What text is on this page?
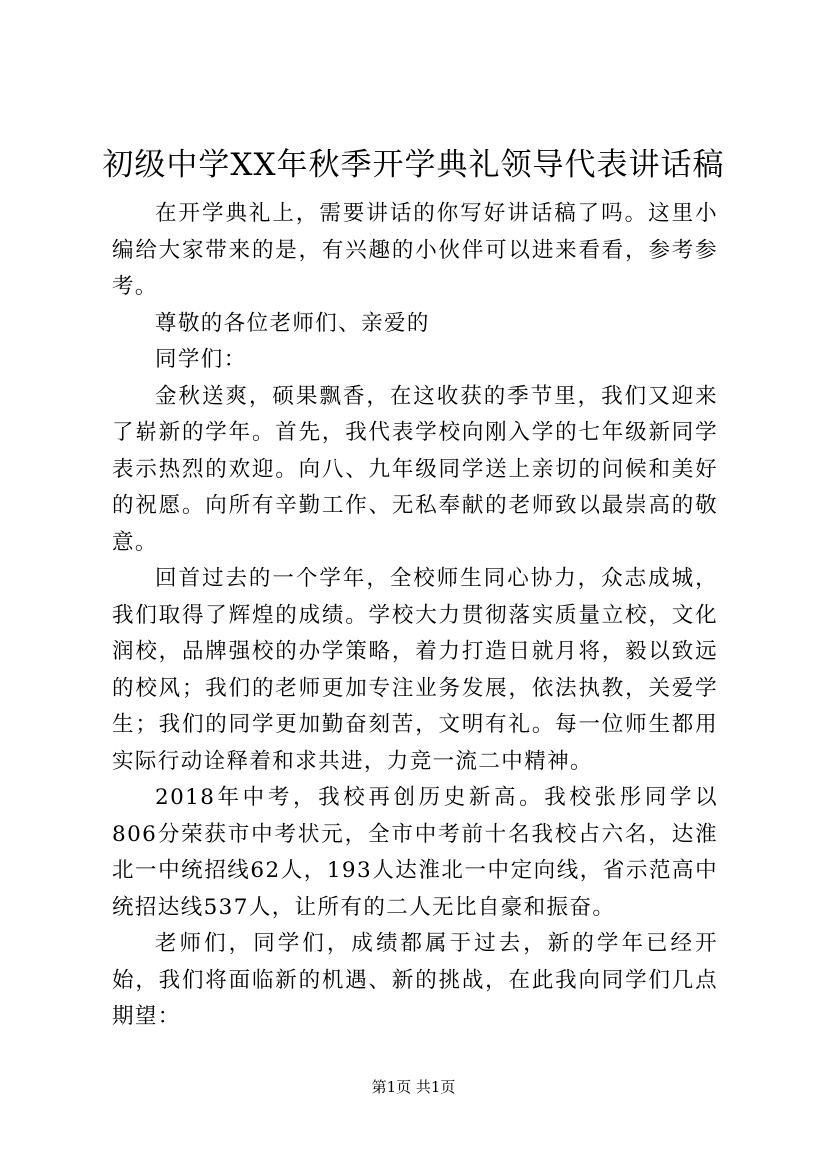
初级中学XX年秋季开学典礼领导代表讲话稿

在开学典礼上，需要讲话的你写好讲话稿了吗。这里小编给大家带来的是，有兴趣的小伙伴可以进来看看，参考参考。

尊敬的各位老师们、亲爱的

同学们：

金秋送爽，硕果飘香，在这收获的季节里，我们又迎来了崭新的学年。首先，我代表学校向刚入学的七年级新同学表示热烈的欢迎。向八、九年级同学送上亲切的问候和美好的祝愿。向所有辛勤工作、无私奉献的老师致以最崇高的敬意。

回首过去的一个学年，全校师生同心协力，众志成城，我们取得了辉煌的成绩。学校大力贯彻落实质量立校，文化润校，品牌强校的办学策略，着力打造日就月将，毅以致远的校风；我们的老师更加专注业务发展，依法执教，关爱学生；我们的同学更加勤奋刻苦，文明有礼。每一位师生都用实际行动诠释着和求共进，力竞一流二中精神。

2018年中考，我校再创历史新高。我校张彤同学以806分荣获市中考状元，全市中考前十名我校占六名，达淮北一中统招线62人，193人达淮北一中定向线，省示范高中统招达线537人，让所有的二人无比自豪和振奋。

老师们，同学们，成绩都属于过去，新的学年已经开始，我们将面临新的机遇、新的挑战，在此我向同学们几点期望：

第1页 共1页
